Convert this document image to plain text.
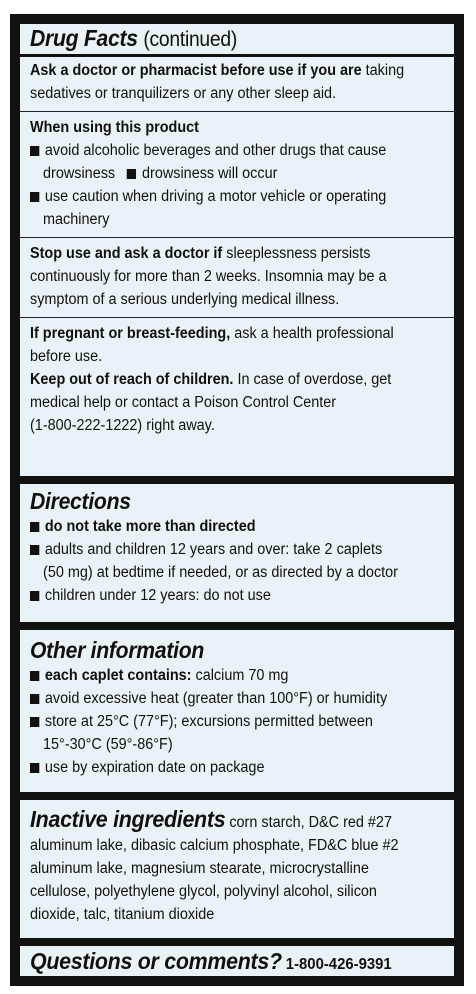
Drug Facts (continued)
Ask a doctor or pharmacist before use if you are taking
sedatives or tranquilizers or any other sleep aid.
When using this product
avoid alcoholic beverages and other drugs that cause
drowsiness drowsiness will occur
use caution when driving a motor vehicle or operating
machinery
Stop use and ask a doctor if sleeplessness persists
continuously for more than 2 weeks. Insomnia may be a
symptom of a serious underlying medical illness.
If pregnant or breast-feeding, ask a health professional
before use.
Keep out of reach of children. In case of overdose, get
medical help or contact a Poison Control Center
(1-800-222-1222) right away.
Directions
do not take more than directed
adults and children 12 years and over: take 2 caplets
(50 mg) at bedtime if needed, or as directed by a doctor
children under 12 years: do not use
Other information
each caplet contains: calcium 70 mg
avoid excessive heat (greater than 100°F) or humidity
store at 25°C (77°F); excursions permitted between
15°-30°C (59°-86°F)
use by expiration date on package
Inactive ingredients corn starch, D&C red #27
aluminum lake, dibasic calcium phosphate, FD&C blue #2
aluminum lake, magnesium stearate, microcrystalline
cellulose, polyethylene glycol, polyvinyl alcohol, silicon
dioxide, talc, titanium dioxide
Questions or comments? 1-800-426-9391
